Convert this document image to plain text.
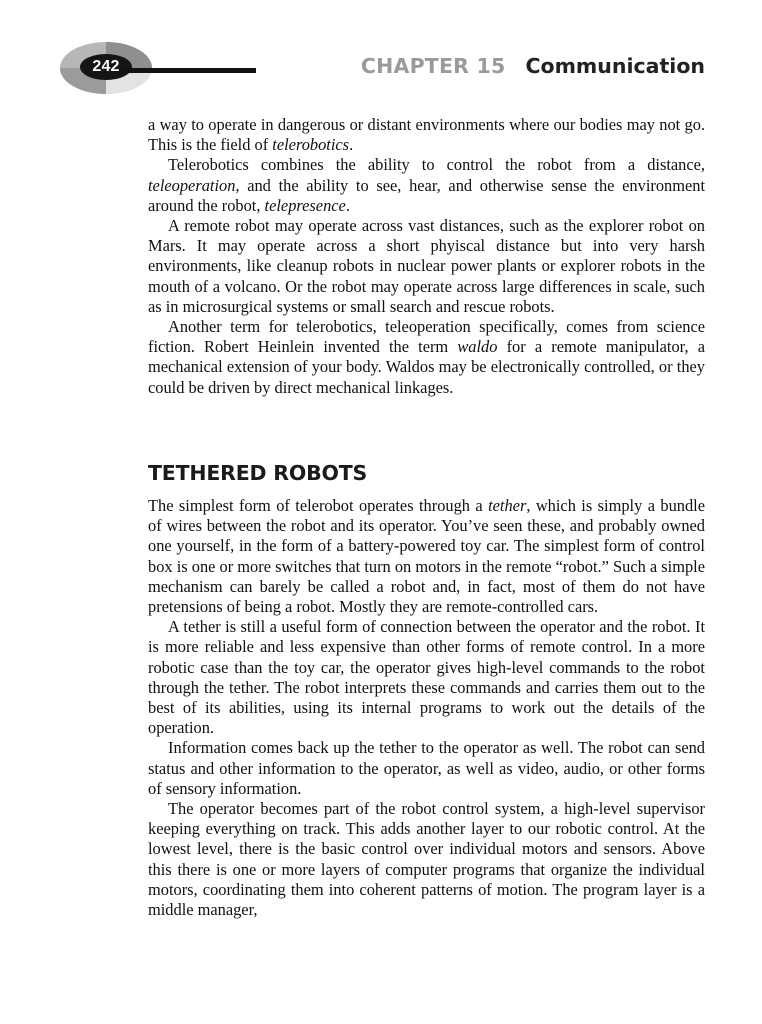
242	CHAPTER 15 Communication

a way to operate in dangerous or distant environments where our bodies may not go. This is the field of telerobotics.

Telerobotics combines the ability to control the robot from a distance, teleoperation, and the ability to see, hear, and otherwise sense the environment around the robot, telepresence.

A remote robot may operate across vast distances, such as the explorer robot on Mars. It may operate across a short phyiscal distance but into very harsh environments, like cleanup robots in nuclear power plants or explorer robots in the mouth of a volcano. Or the robot may operate across large differences in scale, such as in microsurgical systems or small search and rescue robots.

Another term for telerobotics, teleoperation specifically, comes from science fiction. Robert Heinlein invented the term waldo for a remote manipulator, a mechanical extension of your body. Waldos may be electronically controlled, or they could be driven by direct mechanical linkages.

TETHERED ROBOTS

The simplest form of telerobot operates through a tether, which is simply a bundle of wires between the robot and its operator. You’ve seen these, and probably owned one yourself, in the form of a battery-powered toy car. The simplest form of control box is one or more switches that turn on motors in the remote “robot.” Such a simple mechanism can barely be called a robot and, in fact, most of them do not have pretensions of being a robot. Mostly they are remote-controlled cars.

A tether is still a useful form of connection between the operator and the robot. It is more reliable and less expensive than other forms of remote control. In a more robotic case than the toy car, the operator gives high-level commands to the robot through the tether. The robot interprets these commands and carries them out to the best of its abilities, using its internal programs to work out the details of the operation.

Information comes back up the tether to the operator as well. The robot can send status and other information to the operator, as well as video, audio, or other forms of sensory information.

The operator becomes part of the robot control system, a high-level supervisor keeping everything on track. This adds another layer to our robotic control. At the lowest level, there is the basic control over individual motors and sensors. Above this there is one or more layers of computer programs that organize the individual motors, coordinating them into coherent patterns of motion. The program layer is a middle manager,
